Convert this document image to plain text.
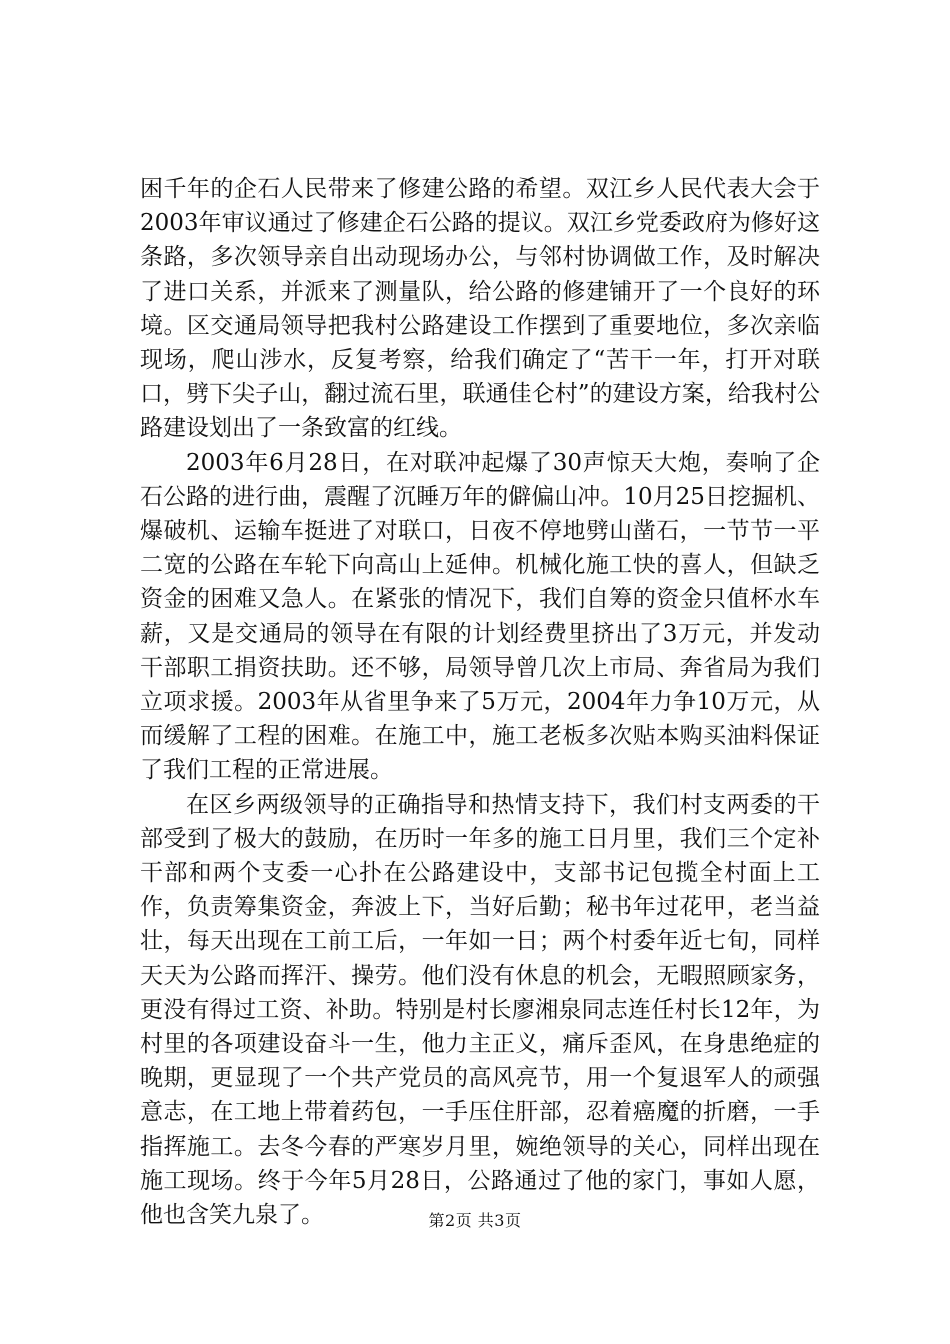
困千年的企石人民带来了修建公路的希望。双江乡人民代表大会于2003年审议通过了修建企石公路的提议。双江乡党委政府为修好这条路，多次领导亲自出动现场办公，与邻村协调做工作，及时解决了进口关系，并派来了测量队，给公路的修建铺开了一个良好的环境。区交通局领导把我村公路建设工作摆到了重要地位，多次亲临现场，爬山涉水，反复考察，给我们确定了“苦干一年，打开对联口，劈下尖子山，翻过流石里，联通佳仑村”的建设方案，给我村公路建设划出了一条致富的红线。

2003年6月28日，在对联冲起爆了30声惊天大炮，奏响了企石公路的进行曲，震醒了沉睡万年的僻偏山冲。10月25日挖掘机、爆破机、运输车挺进了对联口，日夜不停地劈山凿石，一节节一平二宽的公路在车轮下向高山上延伸。机械化施工快的喜人，但缺乏资金的困难又急人。在紧张的情况下，我们自筹的资金只值杯水车薪，又是交通局的领导在有限的计划经费里挤出了3万元，并发动干部职工捐资扶助。还不够，局领导曾几次上市局、奔省局为我们立项求援。2003年从省里争来了5万元，2004年力争10万元，从而缓解了工程的困难。在施工中，施工老板多次贴本购买油料保证了我们工程的正常进展。

在区乡两级领导的正确指导和热情支持下，我们村支两委的干部受到了极大的鼓励，在历时一年多的施工日月里，我们三个定补干部和两个支委一心扑在公路建设中，支部书记包揽全村面上工作，负责筹集资金，奔波上下，当好后勤；秘书年过花甲，老当益壮，每天出现在工前工后，一年如一日；两个村委年近七旬，同样天天为公路而挥汗、操劳。他们没有休息的机会，无暇照顾家务，更没有得过工资、补助。特别是村长廖湘泉同志连任村长12年，为村里的各项建设奋斗一生，他力主正义，痛斥歪风，在身患绝症的晚期，更显现了一个共产党员的高风亮节，用一个复退军人的顽强意志，在工地上带着药包，一手压住肝部，忍着癌魔的折磨，一手指挥施工。去冬今春的严寒岁月里，婉绝领导的关心，同样出现在施工现场。终于今年5月28日，公路通过了他的家门，事如人愿，他也含笑九泉了。	第2页 共3页
